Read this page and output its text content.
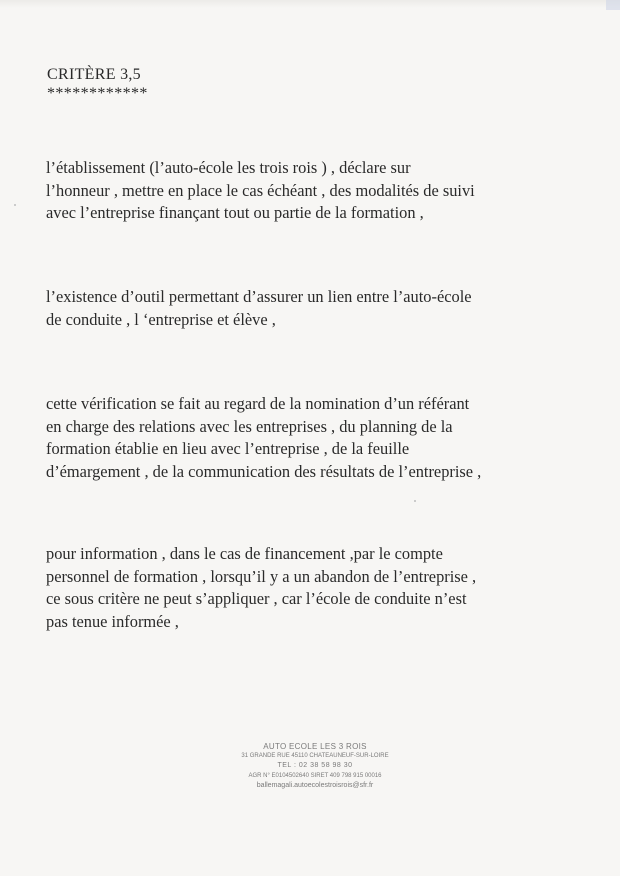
CRITÈRE 3,5
************

l’établissement (l’auto-école les trois rois ) , déclare sur
l’honneur , mettre en place le cas échéant , des modalités de suivi
avec l’entreprise finançant tout ou partie de la formation ,

l’existence d’outil permettant d’assurer un lien entre l’auto-école
de conduite , l ‘entreprise et élève ,

cette vérification se fait au regard de la nomination d’un référant
en charge des relations avec les entreprises , du planning de la
formation établie en lieu avec l’entreprise , de la feuille
d’émargement , de la communication des résultats de l’entreprise ,

pour information , dans le cas de financement ,par le compte
personnel de formation , lorsqu’il y a un abandon de l’entreprise ,
ce sous critère ne peut s’appliquer , car l’école de conduite n’est
pas tenue informée ,

AUTO ECOLE LES 3 ROIS
31 GRANDE RUE 45110 CHATEAUNEUF-SUR-LOIRE
TEL : 02 38 58 98 30
AGR N° E0104502640 SIRET 409 798 915 00016
ballemagali.autoecolestroisrois@sfr.fr
